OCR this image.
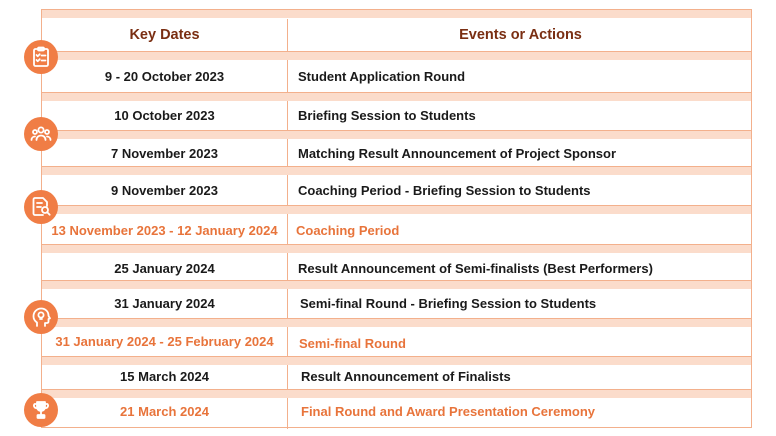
Key Dates	Events or Actions
9 - 20 October 2023	Student Application Round
10 October 2023	Briefing Session to Students
7 November 2023	Matching Result Announcement of Project Sponsor
9 November 2023	Coaching Period - Briefing Session to Students
13 November 2023 - 12 January 2024	Coaching Period
25 January 2024	Result Announcement of Semi-finalists (Best Performers)
31 January 2024	Semi-final Round - Briefing Session to Students
31 January 2024 - 25 February 2024	Semi-final Round
15 March 2024	Result Announcement of Finalists
21 March 2024	Final Round and Award Presentation Ceremony
